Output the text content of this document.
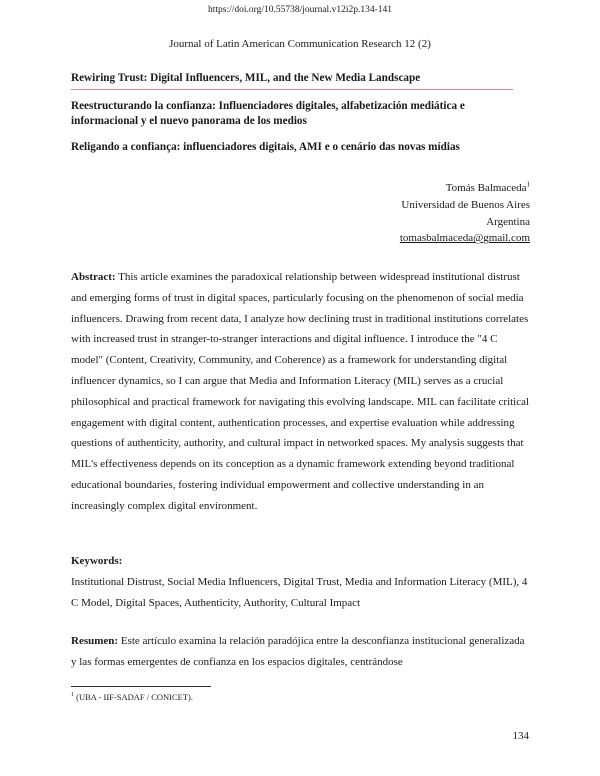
https://doi.org/10.55738/journal.v12i2p.134-141
Journal of Latin American Communication Research 12 (2)
Rewiring Trust: Digital Influencers, MIL, and the New Media Landscape
Reestructurando la confianza: Influenciadores digitales, alfabetización mediática e informacional y el nuevo panorama de los medios
Religando a confiança: influenciadores digitais, AMI e o cenário das novas mídias
Tomás Balmaceda$^1$
Universidad de Buenos Aires
Argentina
tomasbalmaceda@gmail.com

Abstract: This article examines the paradoxical relationship between widespread institutional distrust and emerging forms of trust in digital spaces, particularly focusing on the phenomenon of social media influencers. Drawing from recent data, I analyze how declining trust in traditional institutions correlates with increased trust in stranger-to-stranger interactions and digital influence. I introduce the "4 C model" (Content, Creativity, Community, and Coherence) as a framework for understanding digital influencer dynamics, so I can argue that Media and Information Literacy (MIL) serves as a crucial philosophical and practical framework for navigating this evolving landscape. MIL can facilitate critical engagement with digital content, authentication processes, and expertise evaluation while addressing questions of authenticity, authority, and cultural impact in networked spaces. My analysis suggests that MIL's effectiveness depends on its conception as a dynamic framework extending beyond traditional educational boundaries, fostering individual empowerment and collective understanding in an increasingly complex digital environment.

Keywords:

Institutional Distrust, Social Media Influencers, Digital Trust, Media and Information Literacy (MIL), 4 C Model, Digital Spaces, Authenticity, Authority, Cultural Impact

Resumen: Este artículo examina la relación paradójica entre la desconfianza institucional generalizada y las formas emergentes de confianza en los espacios digitales, centrándose

$^1$ (UBA - IIF-SADAF / CONICET).
134
